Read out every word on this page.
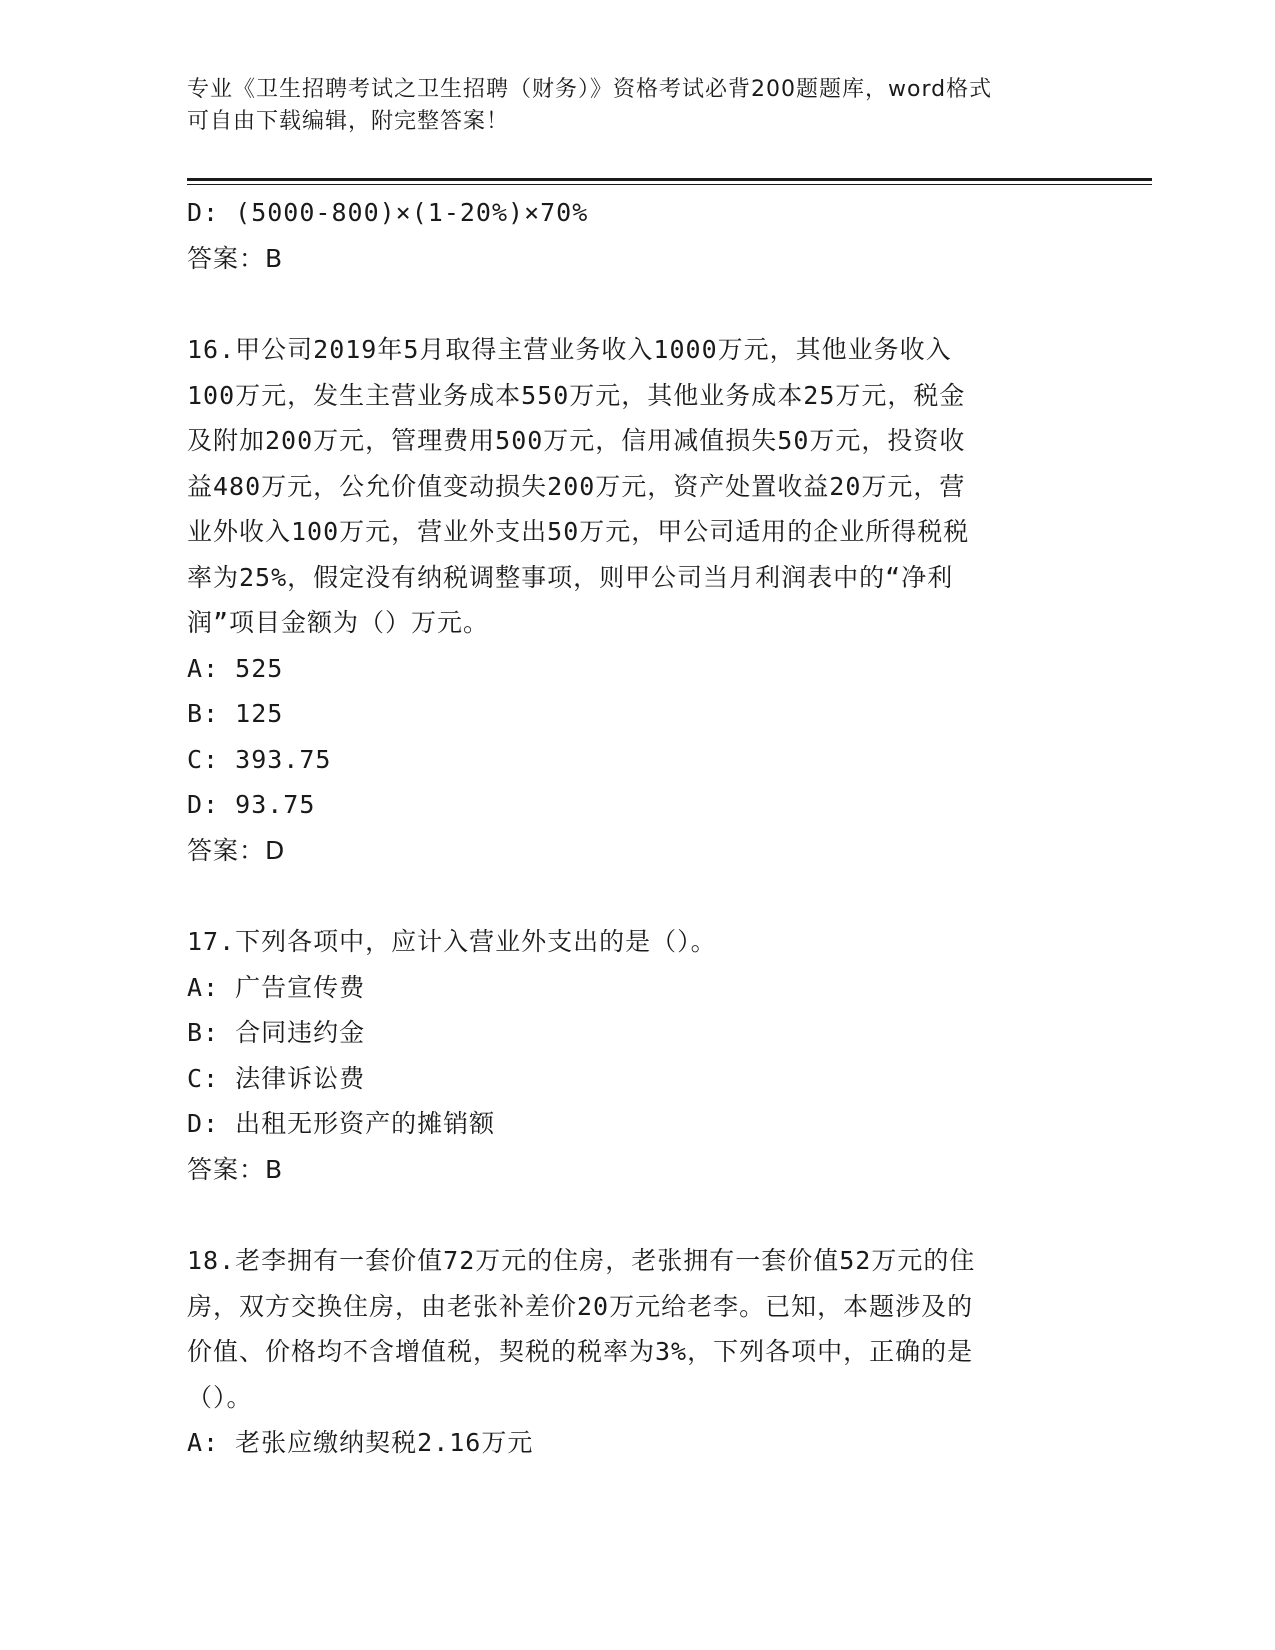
专业《卫生招聘考试之卫生招聘（财务）》资格考试必背200题题库，word格式
可自由下载编辑，附完整答案！
D: (5000-800)×(1-20%)×70%
答案：B
16.甲公司2019年5月取得主营业务收入1000万元，其他业务收入
100万元，发生主营业务成本550万元，其他业务成本25万元，税金
及附加200万元，管理费用500万元，信用减值损失50万元，投资收
益480万元，公允价值变动损失200万元，资产处置收益20万元，营
业外收入100万元，营业外支出50万元，甲公司适用的企业所得税税
率为25%，假定没有纳税调整事项，则甲公司当月利润表中的“净利
润”项目金额为（）万元。
A: 525
B: 125
C: 393.75
D: 93.75
答案：D
17.下列各项中，应计入营业外支出的是（）。
A: 广告宣传费
B: 合同违约金
C: 法律诉讼费
D: 出租无形资产的摊销额
答案：B
18.老李拥有一套价值72万元的住房，老张拥有一套价值52万元的住
房，双方交换住房，由老张补差价20万元给老李。已知，本题涉及的
价值、价格均不含增值税，契税的税率为3%，下列各项中，正确的是
（）。
A: 老张应缴纳契税2.16万元
